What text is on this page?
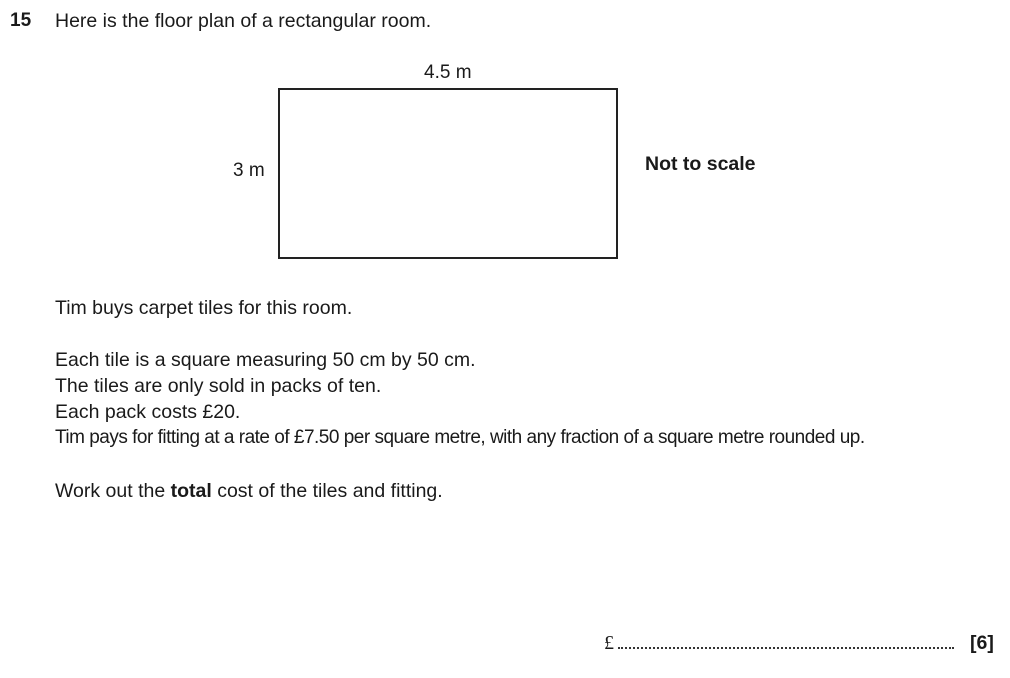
15 Here is the floor plan of a rectangular room.
4.5 m
3 m	Not to scale
Tim buys carpet tiles for this room.
Each tile is a square measuring 50 cm by 50 cm.
The tiles are only sold in packs of ten.
Each pack costs £20.
Tim pays for fitting at a rate of £7.50 per square metre, with any fraction of a square metre rounded up.
Work out the total cost of the tiles and fitting.
£	[6]
